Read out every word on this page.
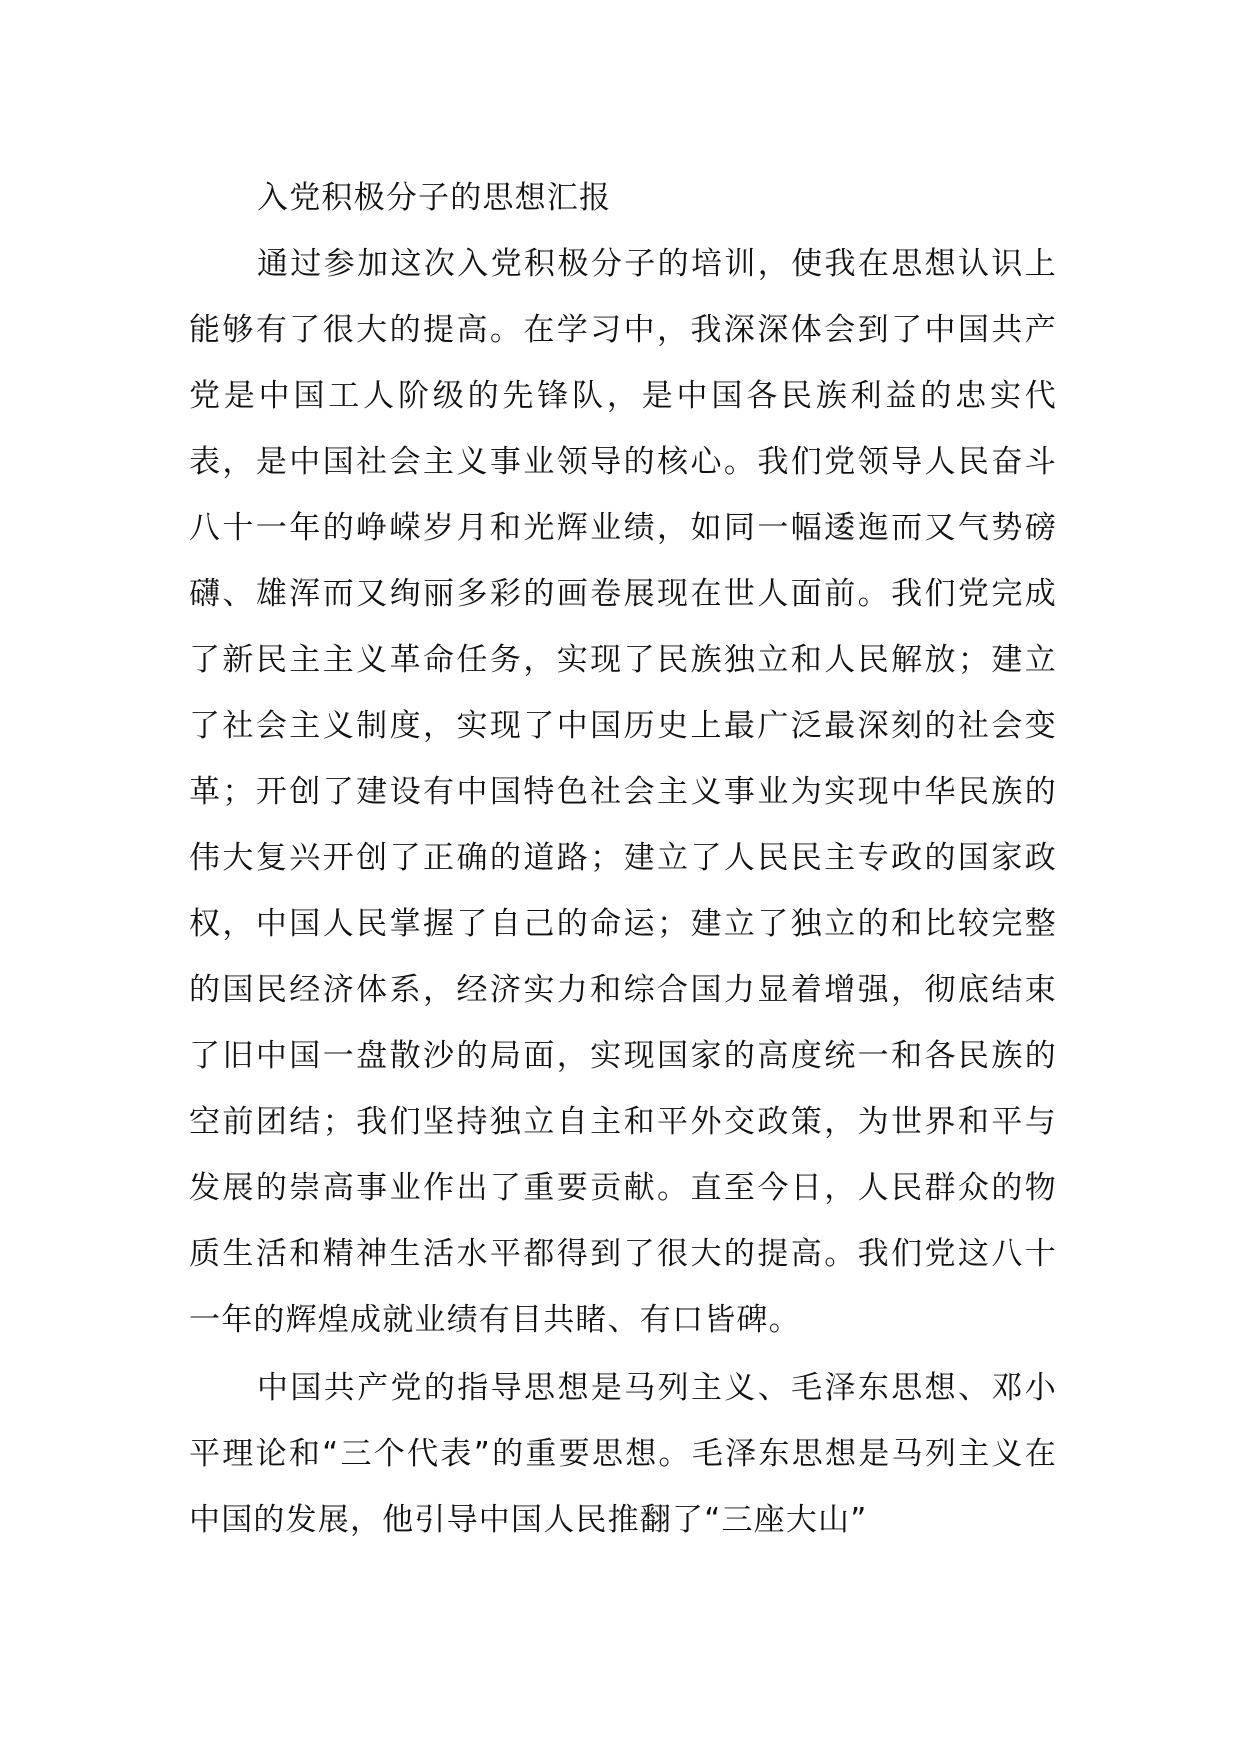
入党积极分子的思想汇报

通过参加这次入党积极分子的培训，使我在思想认识上能够有了很大的提高。在学习中，我深深体会到了中国共产党是中国工人阶级的先锋队，是中国各民族利益的忠实代表，是中国社会主义事业领导的核心。我们党领导人民奋斗八十一年的峥嵘岁月和光辉业绩，如同一幅逶迤而又气势磅礴、雄浑而又绚丽多彩的画卷展现在世人面前。我们党完成了新民主主义革命任务，实现了民族独立和人民解放；建立了社会主义制度，实现了中国历史上最广泛最深刻的社会变革；开创了建设有中国特色社会主义事业为实现中华民族的伟大复兴开创了正确的道路；建立了人民民主专政的国家政权，中国人民掌握了自己的命运；建立了独立的和比较完整的国民经济体系，经济实力和综合国力显着增强，彻底结束了旧中国一盘散沙的局面，实现国家的高度统一和各民族的空前团结；我们坚持独立自主和平外交政策，为世界和平与发展的崇高事业作出了重要贡献。直至今日，人民群众的物质生活和精神生活水平都得到了很大的提高。我们党这八十一年的辉煌成就业绩有目共睹、有口皆碑。

中国共产党的指导思想是马列主义、毛泽东思想、邓小平理论和“三个代表”的重要思想。毛泽东思想是马列主义在中国的发展，他引导中国人民推翻了“三座大山”
